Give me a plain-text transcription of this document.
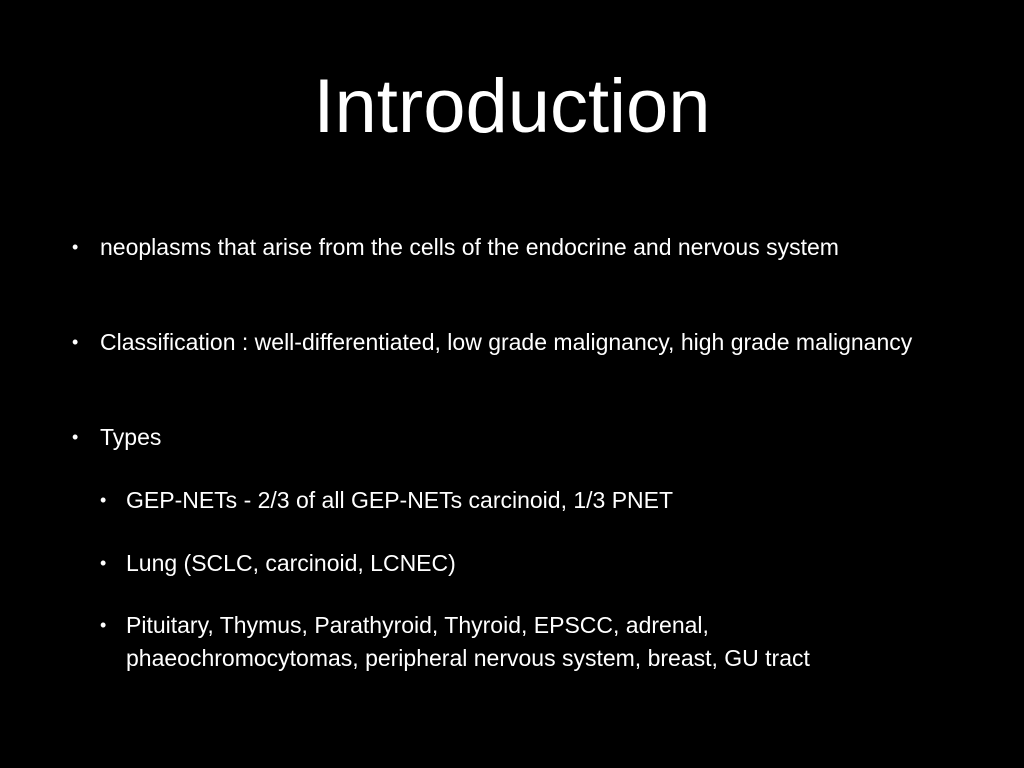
Introduction
• neoplasms that arise from the cells of the endocrine and nervous system
• Classification : well-differentiated, low grade malignancy, high grade malignancy
• Types
• GEP-NETs - 2/3 of all GEP-NETs carcinoid, 1/3 PNET
• Lung (SCLC, carcinoid, LCNEC)
• Pituitary, Thymus, Parathyroid, Thyroid, EPSCC, adrenal, phaeochromocytomas, peripheral nervous system, breast, GU tract
